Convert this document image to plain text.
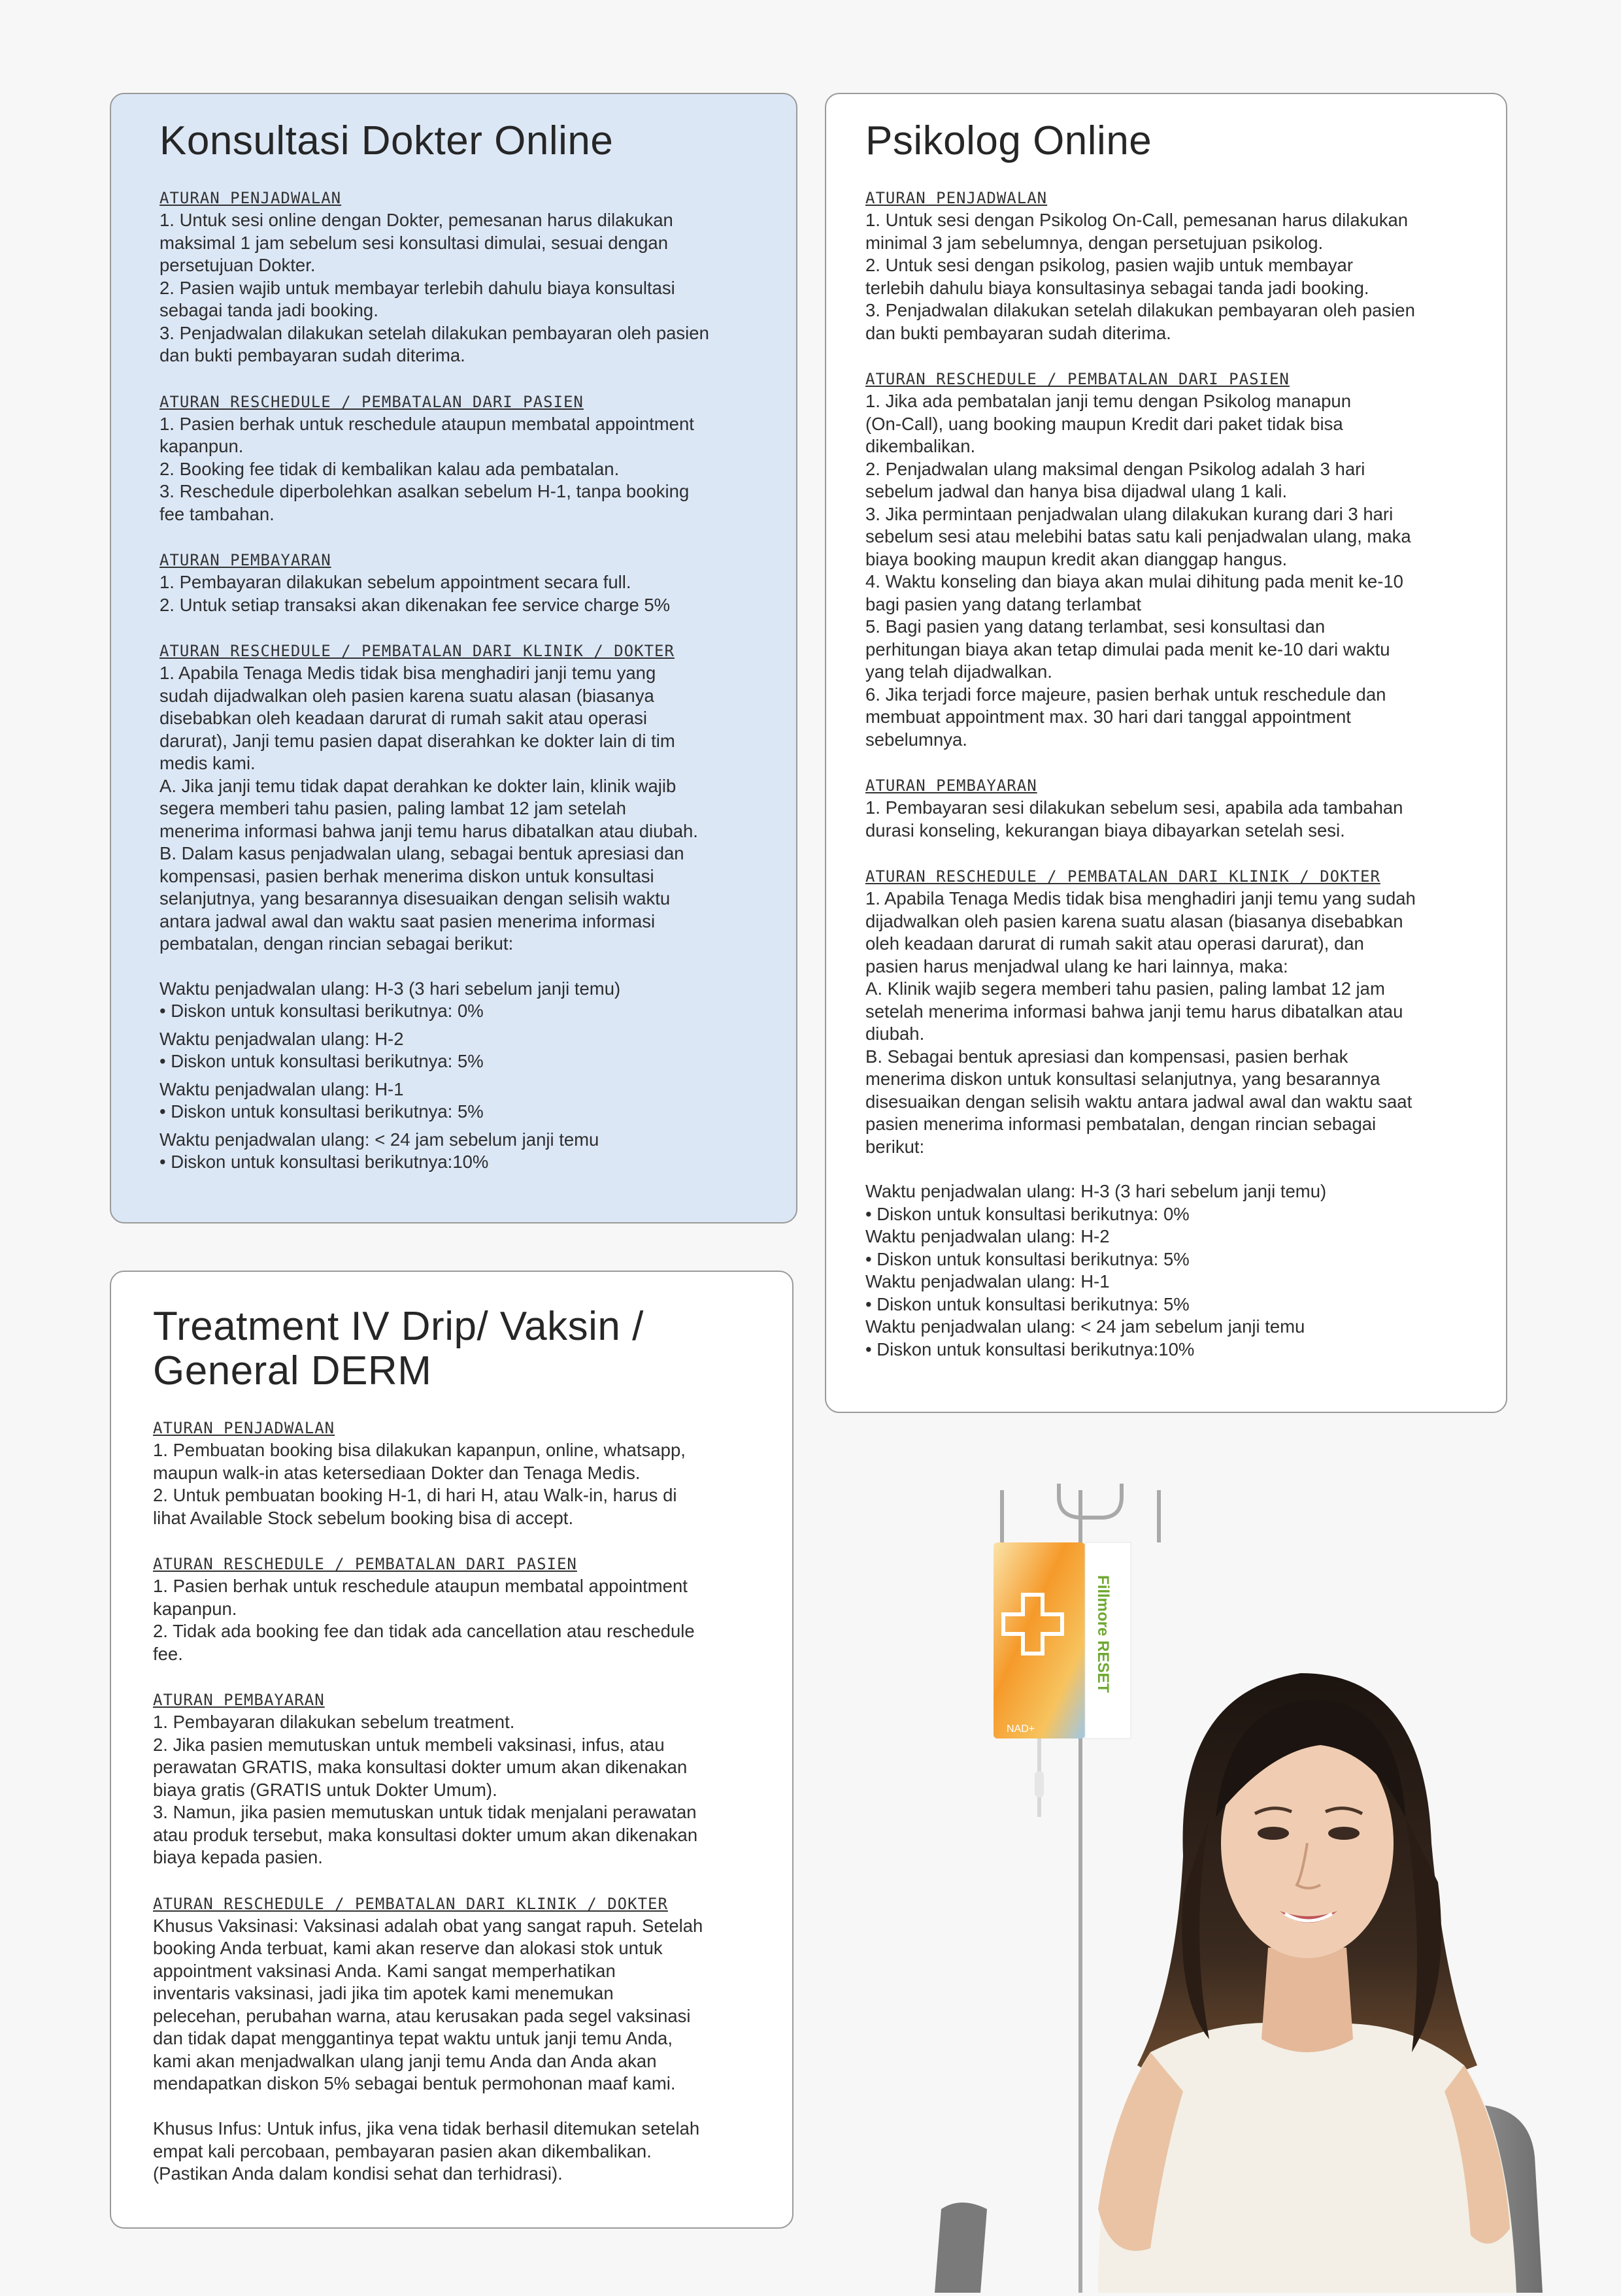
Konsultasi Dokter Online
ATURAN PENJADWALAN
1. Untuk sesi online dengan Dokter, pemesanan harus dilakukan
maksimal 1 jam sebelum sesi konsultasi dimulai, sesuai dengan
persetujuan Dokter.
2. Pasien wajib untuk membayar terlebih dahulu biaya konsultasi
sebagai tanda jadi booking.
3. Penjadwalan dilakukan setelah dilakukan pembayaran oleh pasien
dan bukti pembayaran sudah diterima.
ATURAN RESCHEDULE / PEMBATALAN DARI PASIEN
1. Pasien berhak untuk reschedule ataupun membatal appointment
kapanpun.
2. Booking fee tidak di kembalikan kalau ada pembatalan.
3. Reschedule diperbolehkan asalkan sebelum H-1, tanpa booking
fee tambahan.
ATURAN PEMBAYARAN
1. Pembayaran dilakukan sebelum appointment secara full.
2. Untuk setiap transaksi akan dikenakan fee service charge 5%
ATURAN RESCHEDULE / PEMBATALAN DARI KLINIK / DOKTER
1. Apabila Tenaga Medis tidak bisa menghadiri janji temu yang
sudah dijadwalkan oleh pasien karena suatu alasan (biasanya
disebabkan oleh keadaan darurat di rumah sakit atau operasi
darurat), Janji temu pasien dapat diserahkan ke dokter lain di tim
medis kami.
A. Jika janji temu tidak dapat derahkan ke dokter lain, klinik wajib
segera memberi tahu pasien, paling lambat 12 jam setelah
menerima informasi bahwa janji temu harus dibatalkan atau diubah.
B. Dalam kasus penjadwalan ulang, sebagai bentuk apresiasi dan
kompensasi, pasien berhak menerima diskon untuk konsultasi
selanjutnya, yang besarannya disesuaikan dengan selisih waktu
antara jadwal awal dan waktu saat pasien menerima informasi
pembatalan, dengan rincian sebagai berikut:
Waktu penjadwalan ulang: H-3 (3 hari sebelum janji temu)
• Diskon untuk konsultasi berikutnya: 0%
Waktu penjadwalan ulang: H-2
• Diskon untuk konsultasi berikutnya: 5%
Waktu penjadwalan ulang: H-1
• Diskon untuk konsultasi berikutnya: 5%
Waktu penjadwalan ulang: < 24 jam sebelum janji temu
• Diskon untuk konsultasi berikutnya:10%
Psikolog Online
ATURAN PENJADWALAN
1. Untuk sesi dengan Psikolog On-Call, pemesanan harus dilakukan
minimal 3 jam sebelumnya, dengan persetujuan psikolog.
2. Untuk sesi dengan psikolog, pasien wajib untuk membayar
terlebih dahulu biaya konsultasinya sebagai tanda jadi booking.
3. Penjadwalan dilakukan setelah dilakukan pembayaran oleh pasien
dan bukti pembayaran sudah diterima.
ATURAN RESCHEDULE / PEMBATALAN DARI PASIEN
1. Jika ada pembatalan janji temu dengan Psikolog manapun
(On-Call), uang booking maupun Kredit dari paket tidak bisa
dikembalikan.
2. Penjadwalan ulang maksimal dengan Psikolog adalah 3 hari
sebelum jadwal dan hanya bisa dijadwal ulang 1 kali.
3. Jika permintaan penjadwalan ulang dilakukan kurang dari 3 hari
sebelum sesi atau melebihi batas satu kali penjadwalan ulang, maka
biaya booking maupun kredit akan dianggap hangus.
4. Waktu konseling dan biaya akan mulai dihitung pada menit ke-10
bagi pasien yang datang terlambat
5. Bagi pasien yang datang terlambat, sesi konsultasi dan
perhitungan biaya akan tetap dimulai pada menit ke-10 dari waktu
yang telah dijadwalkan.
6. Jika terjadi force majeure, pasien berhak untuk reschedule dan
membuat appointment max. 30 hari dari tanggal appointment
sebelumnya.
ATURAN PEMBAYARAN
1. Pembayaran sesi dilakukan sebelum sesi, apabila ada tambahan
durasi konseling, kekurangan biaya dibayarkan setelah sesi.
ATURAN RESCHEDULE / PEMBATALAN DARI KLINIK / DOKTER
1. Apabila Tenaga Medis tidak bisa menghadiri janji temu yang sudah
dijadwalkan oleh pasien karena suatu alasan (biasanya disebabkan
oleh keadaan darurat di rumah sakit atau operasi darurat), dan
pasien harus menjadwal ulang ke hari lainnya, maka:
A. Klinik wajib segera memberi tahu pasien, paling lambat 12 jam
setelah menerima informasi bahwa janji temu harus dibatalkan atau
diubah.
B. Sebagai bentuk apresiasi dan kompensasi, pasien berhak
menerima diskon untuk konsultasi selanjutnya, yang besarannya
disesuaikan dengan selisih waktu antara jadwal awal dan waktu saat
pasien menerima informasi pembatalan, dengan rincian sebagai
berikut:
Waktu penjadwalan ulang: H-3 (3 hari sebelum janji temu)
• Diskon untuk konsultasi berikutnya: 0%
Waktu penjadwalan ulang: H-2
• Diskon untuk konsultasi berikutnya: 5%
Waktu penjadwalan ulang: H-1
• Diskon untuk konsultasi berikutnya: 5%
Waktu penjadwalan ulang: < 24 jam sebelum janji temu
• Diskon untuk konsultasi berikutnya:10%
Treatment IV Drip/ Vaksin /
General DERM
ATURAN PENJADWALAN
1. Pembuatan booking bisa dilakukan kapanpun, online, whatsapp,
maupun walk-in atas ketersediaan Dokter dan Tenaga Medis.
2. Untuk pembuatan booking H-1, di hari H, atau Walk-in, harus di
lihat Available Stock sebelum booking bisa di accept.
ATURAN RESCHEDULE / PEMBATALAN DARI PASIEN
1. Pasien berhak untuk reschedule ataupun membatal appointment
kapanpun.
2. Tidak ada booking fee dan tidak ada cancellation atau reschedule
fee.
ATURAN PEMBAYARAN
1. Pembayaran dilakukan sebelum treatment.
2. Jika pasien memutuskan untuk membeli vaksinasi, infus, atau
perawatan GRATIS, maka konsultasi dokter umum akan dikenakan
biaya gratis (GRATIS untuk Dokter Umum).
3. Namun, jika pasien memutuskan untuk tidak menjalani perawatan
atau produk tersebut, maka konsultasi dokter umum akan dikenakan
biaya kepada pasien.
ATURAN RESCHEDULE / PEMBATALAN DARI KLINIK / DOKTER
Khusus Vaksinasi: Vaksinasi adalah obat yang sangat rapuh. Setelah
booking Anda terbuat, kami akan reserve dan alokasi stok untuk
appointment vaksinasi Anda. Kami sangat memperhatikan
inventaris vaksinasi, jadi jika tim apotek kami menemukan
pelecehan, perubahan warna, atau kerusakan pada segel vaksinasi
dan tidak dapat menggantinya tepat waktu untuk janji temu Anda,
kami akan menjadwalkan ulang janji temu Anda dan Anda akan
mendapatkan diskon 5% sebagai bentuk permohonan maaf kami.

Khusus Infus: Untuk infus, jika vena tidak berhasil ditemukan setelah
empat kali percobaan, pembayaran pasien akan dikembalikan.
(Pastikan Anda dalam kondisi sehat dan terhidrasi).
Fillmore RESET
NAD+
